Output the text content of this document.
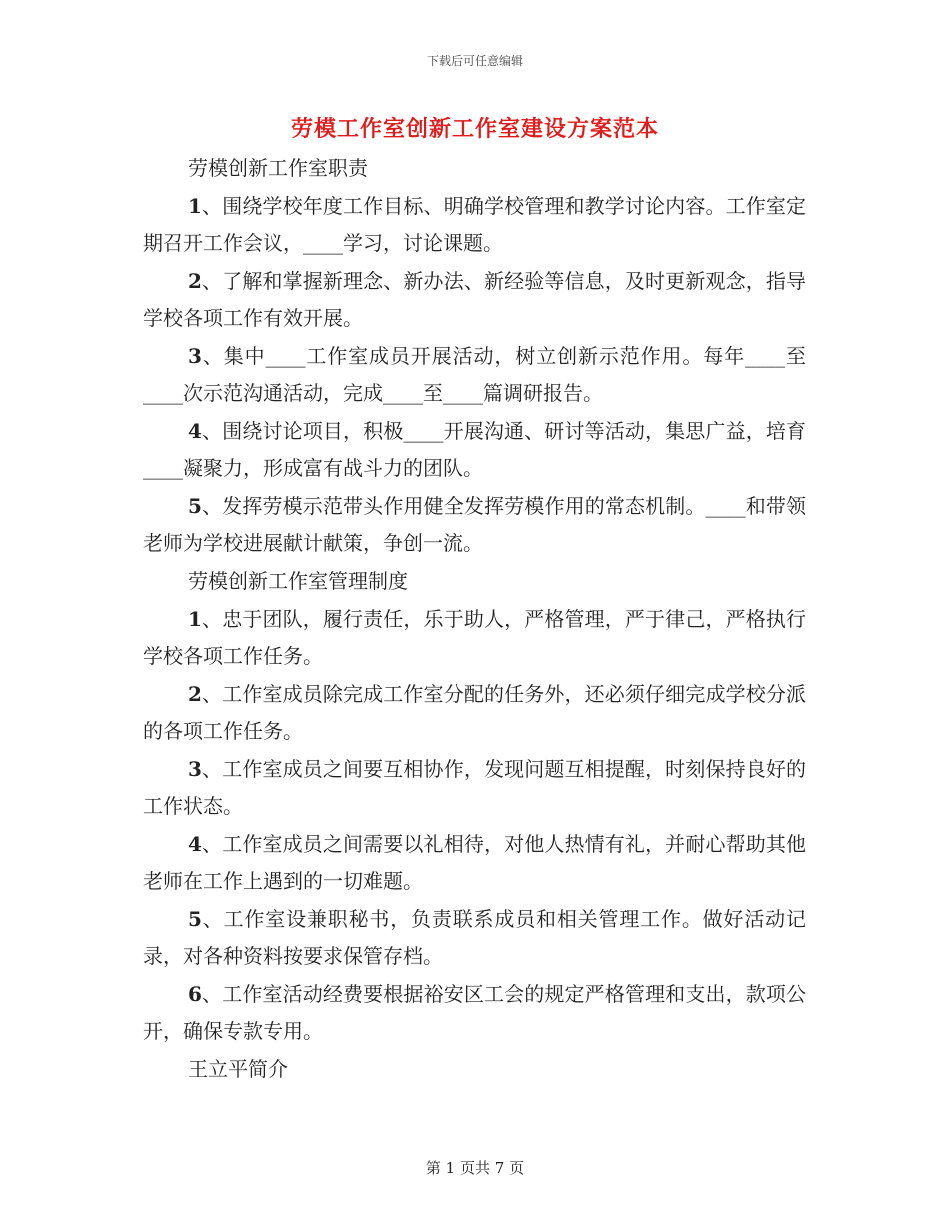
下载后可任意编辑
劳模工作室创新工作室建设方案范本
劳模创新工作室职责

1、围绕学校年度工作目标、明确学校管理和教学讨论内容。工作室定期召开工作会议，____学习，讨论课题。

2、了解和掌握新理念、新办法、新经验等信息，及时更新观念，指导学校各项工作有效开展。

3、集中____工作室成员开展活动，树立创新示范作用。每年____至____次示范沟通活动，完成____至____篇调研报告。

4、围绕讨论项目，积极____开展沟通、研讨等活动，集思广益，培育____凝聚力，形成富有战斗力的团队。

5、发挥劳模示范带头作用健全发挥劳模作用的常态机制。____和带领老师为学校进展献计献策，争创一流。

劳模创新工作室管理制度

1、忠于团队，履行责任，乐于助人，严格管理，严于律己，严格执行学校各项工作任务。

2、工作室成员除完成工作室分配的任务外，还必须仔细完成学校分派的各项工作任务。

3、工作室成员之间要互相协作，发现问题互相提醒，时刻保持良好的工作状态。

4、工作室成员之间需要以礼相待，对他人热情有礼，并耐心帮助其他老师在工作上遇到的一切难题。

5、工作室设兼职秘书，负责联系成员和相关管理工作。做好活动记录，对各种资料按要求保管存档。

6、工作室活动经费要根据裕安区工会的规定严格管理和支出，款项公开，确保专款专用。

王立平简介
第 1 页共 7 页
